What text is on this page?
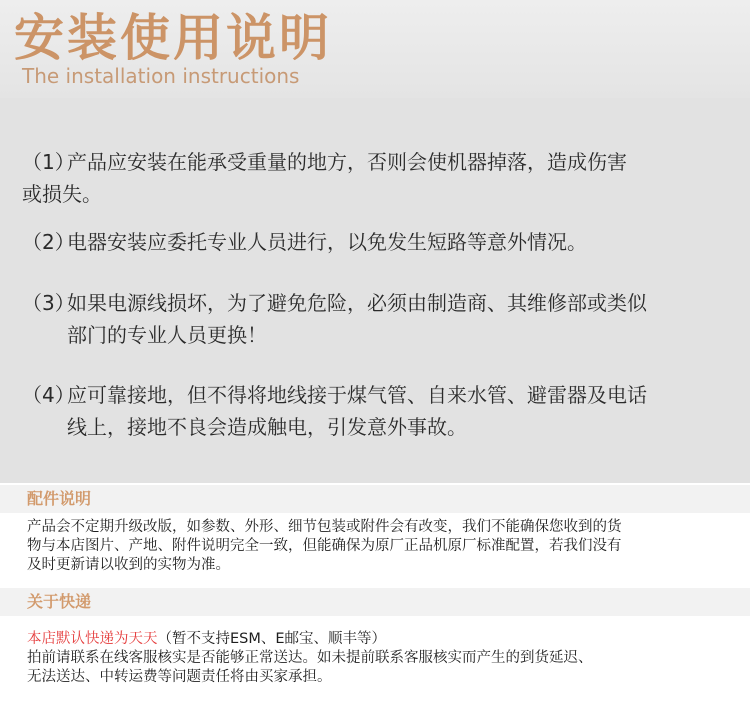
安装使用说明
The installation instructions

（1）产品应安装在能承受重量的地方，否则会使机器掉落，造成伤害
或损失。

（2）电器安装应委托专业人员进行，以免发生短路等意外情况。

（3）如果电源线损坏，为了避免危险，必须由制造商、其维修部或类似
部门的专业人员更换！

（4）应可靠接地，但不得将地线接于煤气管、自来水管、避雷器及电话
线上，接地不良会造成触电，引发意外事故。

配件说明
产品会不定期升级改版，如参数、外形、细节包装或附件会有改变，我们不能确保您收到的货
物与本店图片、产地、附件说明完全一致，但能确保为原厂正品机原厂标准配置，若我们没有
及时更新请以收到的实物为准。
关于快递
本店默认快递为天天（暂不支持ESM、E邮宝、顺丰等）
拍前请联系在线客服核实是否能够正常送达。如未提前联系客服核实而产生的到货延迟、
无法送达、中转运费等问题责任将由买家承担。
